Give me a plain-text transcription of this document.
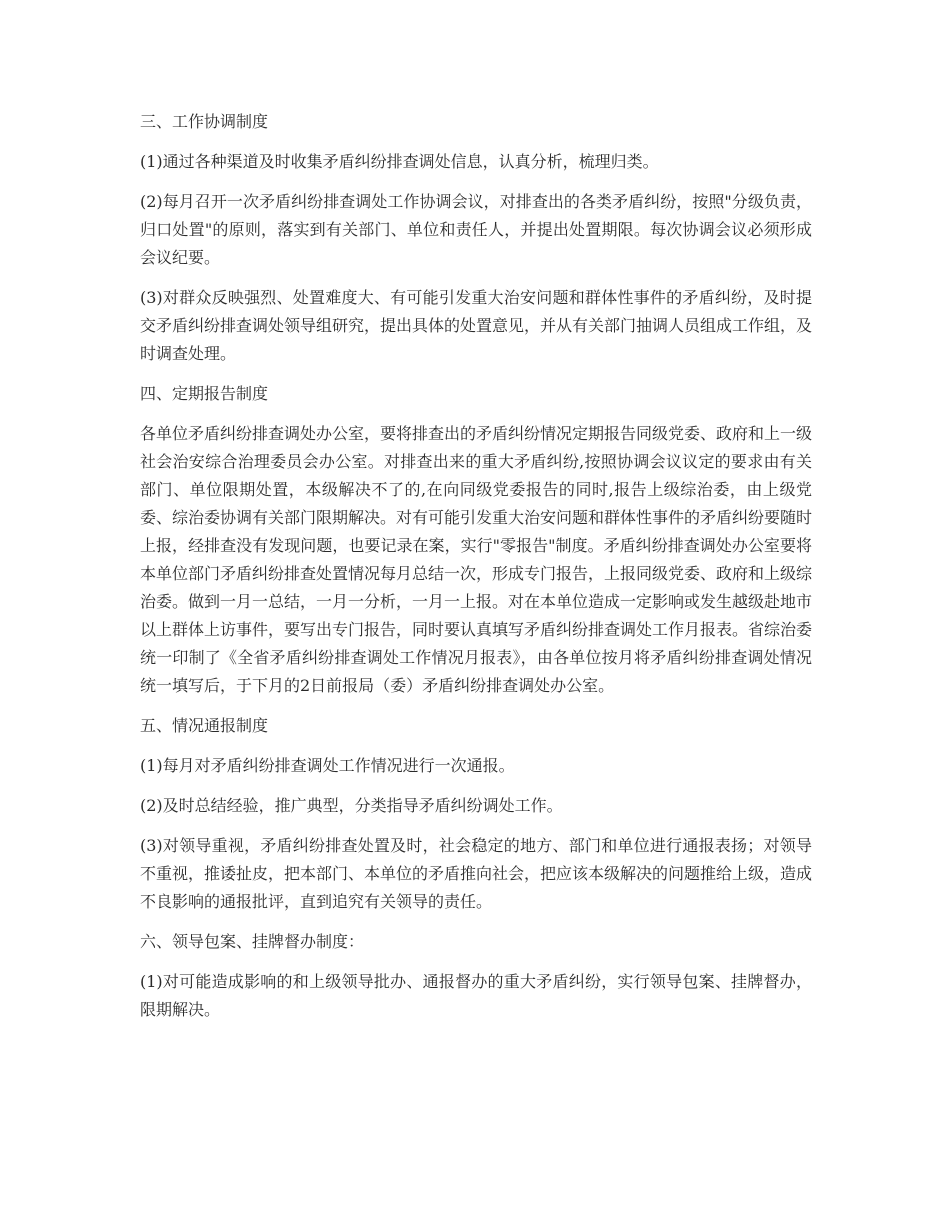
三、工作协调制度

(1)通过各种渠道及时收集矛盾纠纷排查调处信息，认真分析，梳理归类。

(2)每月召开一次矛盾纠纷排查调处工作协调会议，对排查出的各类矛盾纠纷，按照"分级负责，归口处置"的原则，落实到有关部门、单位和责任人，并提出处置期限。每次协调会议必须形成会议纪要。

(3)对群众反映强烈、处置难度大、有可能引发重大治安问题和群体性事件的矛盾纠纷，及时提交矛盾纠纷排查调处领导组研究，提出具体的处置意见，并从有关部门抽调人员组成工作组，及时调查处理。

四、定期报告制度

各单位矛盾纠纷排查调处办公室，要将排查出的矛盾纠纷情况定期报告同级党委、政府和上一级社会治安综合治理委员会办公室。对排查出来的重大矛盾纠纷,按照协调会议议定的要求由有关部门、单位限期处置，本级解决不了的,在向同级党委报告的同时,报告上级综治委，由上级党委、综治委协调有关部门限期解决。对有可能引发重大治安问题和群体性事件的矛盾纠纷要随时上报，经排查没有发现问题，也要记录在案，实行"零报告"制度。矛盾纠纷排查调处办公室要将本单位部门矛盾纠纷排查处置情况每月总结一次，形成专门报告，上报同级党委、政府和上级综治委。做到一月一总结，一月一分析，一月一上报。对在本单位造成一定影响或发生越级赴地市以上群体上访事件，要写出专门报告，同时要认真填写矛盾纠纷排查调处工作月报表。省综治委统一印制了《全省矛盾纠纷排查调处工作情况月报表》，由各单位按月将矛盾纠纷排查调处情况统一填写后，于下月的2日前报局（委）矛盾纠纷排查调处办公室。

五、情况通报制度

(1)每月对矛盾纠纷排查调处工作情况进行一次通报。

(2)及时总结经验，推广典型，分类指导矛盾纠纷调处工作。

(3)对领导重视，矛盾纠纷排查处置及时，社会稳定的地方、部门和单位进行通报表扬；对领导不重视，推诿扯皮，把本部门、本单位的矛盾推向社会，把应该本级解决的问题推给上级，造成不良影响的通报批评，直到追究有关领导的责任。

六、领导包案、挂牌督办制度：

(1)对可能造成影响的和上级领导批办、通报督办的重大矛盾纠纷，实行领导包案、挂牌督办，限期解决。
